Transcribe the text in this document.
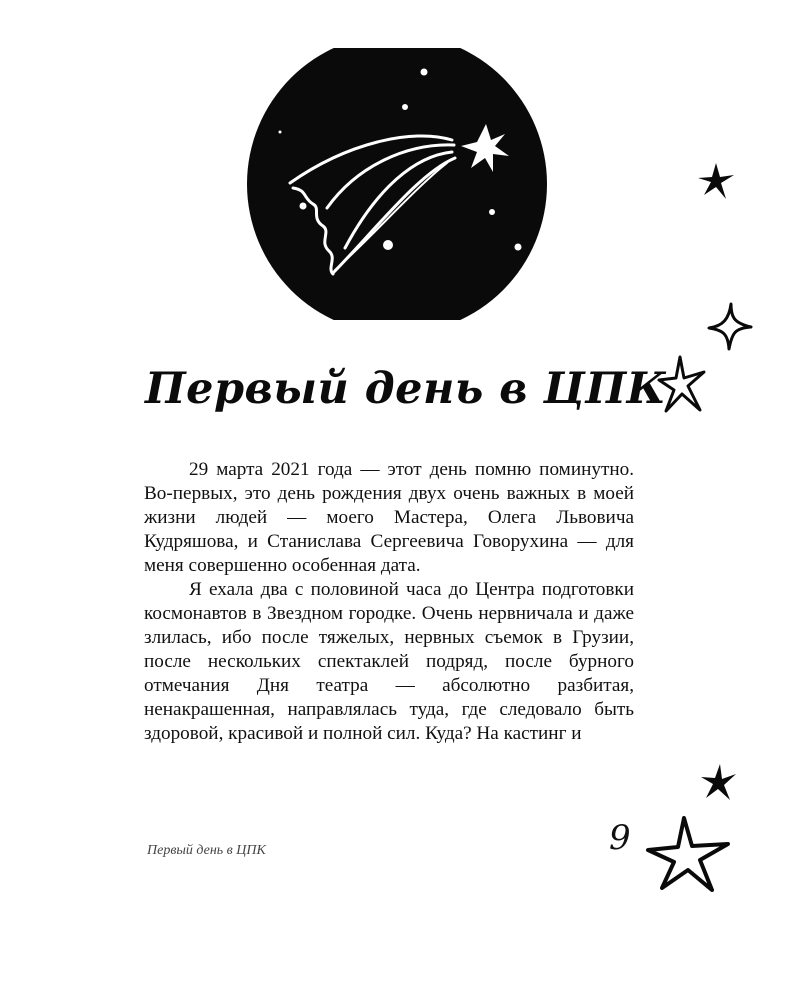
Первый день в ЦПК

29 марта 2021 года — этот день помню поминутно. Во-первых, это день рождения двух очень важных в моей жизни людей — моего Мастера, Олега Львовича Кудряшова, и Станислава Сергеевича Говорухина — для меня совершенно особенная дата.

Я ехала два с половиной часа до Центра подготовки космонавтов в Звездном городке. Очень нервничала и даже злилась, ибо после тяжелых, нервных съемок в Грузии, после нескольких спектаклей подряд, после бурного отмечания Дня театра — абсолютно разбитая, ненакрашенная, направлялась туда, где следовало быть здоровой, красивой и полной сил. Куда? На кастинг и

Первый день в ЦПК	9
